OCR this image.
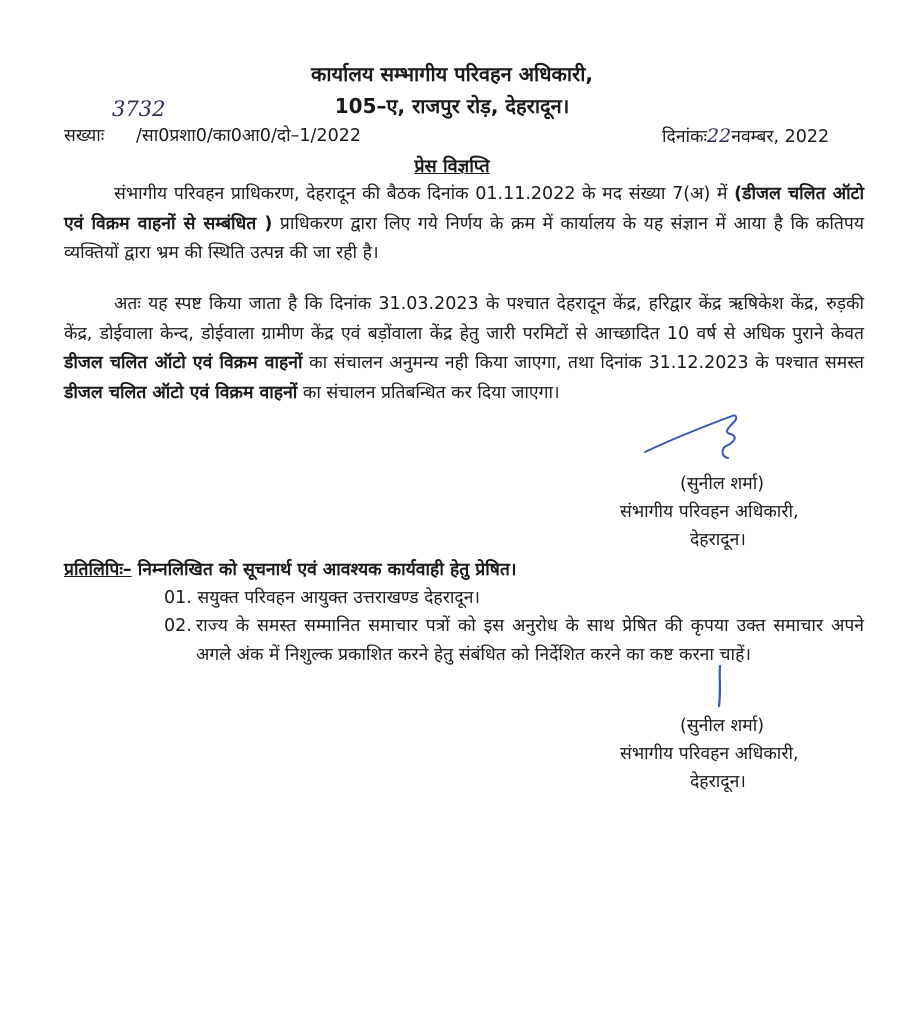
कार्यालय सम्भागीय परिवहन अधिकारी,
105–ए, राजपुर रोड़, देहरादून।
3732
सख्याः /सा0प्रशा0/का0आ0/दो–1/2022	दिनांकः22नवम्बर, 2022
प्रेस विज्ञप्ति
संभागीय परिवहन प्राधिकरण, देहरादून की बैठक दिनांक 01.11.2022 के मद संख्या 7(अ) में (डीजल चलित ऑटो एवं विक्रम वाहनों से सम्बंधित ) प्राधिकरण द्वारा लिए गये निर्णय के क्रम में कार्यालय के यह संज्ञान में आया है कि कतिपय व्यक्तियों द्वारा भ्रम की स्थिति उत्पन्न की जा रही है।
अतः यह स्पष्ट किया जाता है कि दिनांक 31.03.2023 के पश्चात देहरादून केंद्र, हरिद्वार केंद्र ऋषिकेश केंद्र, रुड़की केंद्र, डोईवाला केन्द, डोईवाला ग्रामीण केंद्र एवं बड़ोंवाला केंद्र हेतु जारी परमिटों से आच्छादित 10 वर्ष से अधिक पुराने केवत डीजल चलित ऑटो एवं विक्रम वाहनों का संचालन अनुमन्य नही किया जाएगा, तथा दिनांक 31.12.2023 के पश्चात समस्त डीजल चलित ऑटो एवं विक्रम वाहनों का संचालन प्रतिबन्धित कर दिया जाएगा।
(सुनील शर्मा)
संभागीय परिवहन अधिकारी,
देहरादून।
प्रतिलिपिः– निम्नलिखित को सूचनार्थ एवं आवश्यक कार्यवाही हेतु प्रेषित।
01. सयुक्त परिवहन आयुक्त उत्तराखण्ड देहरादून।
02. राज्य के समस्त सम्मानित समाचार पत्रों को इस अनुरोध के साथ प्रेषित की कृपया उक्त समाचार अपने अगले अंक में निशुल्क प्रकाशित करने हेतु संबंधित को निर्देशित करने का कष्ट करना चाहें।
(सुनील शर्मा)
संभागीय परिवहन अधिकारी,
देहरादून।
